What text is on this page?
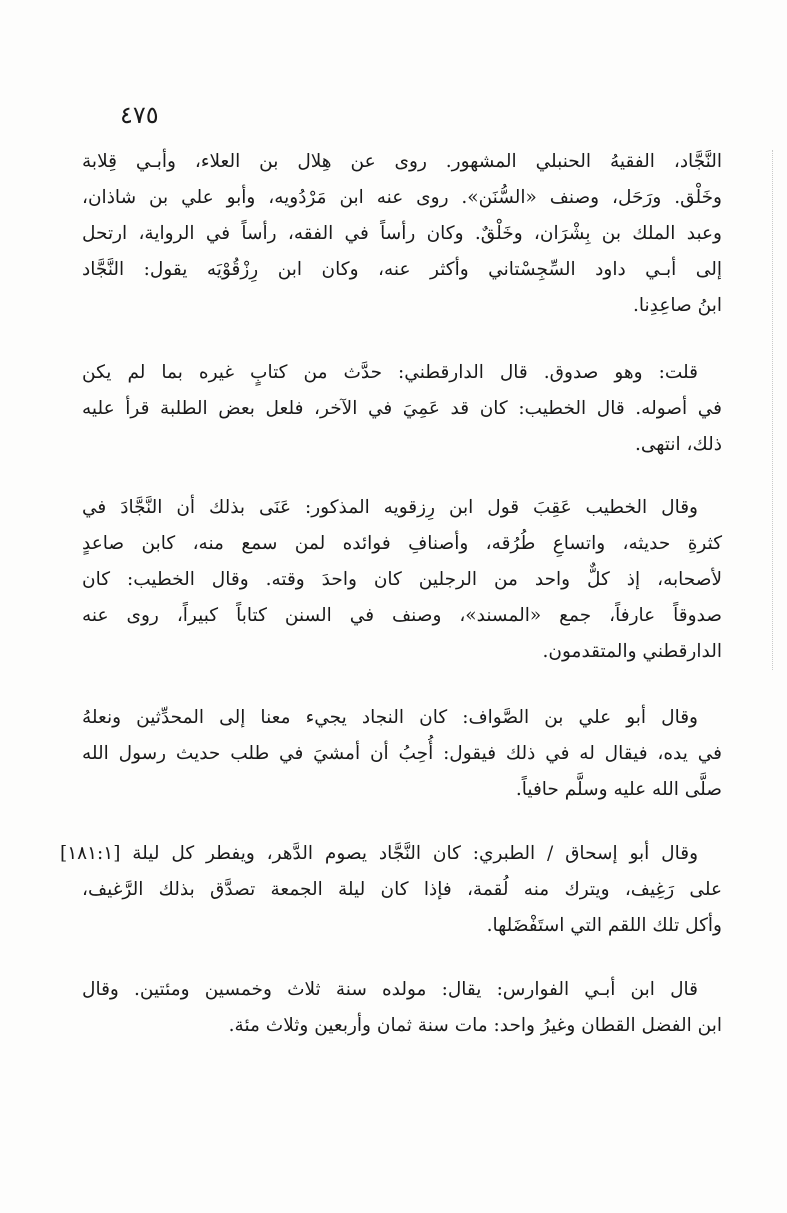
٤٧٥
النَّجَّاد، الفقيهُ الحنبلي المشهور. روى عن هِلال بن العلاء، وأبـي قِلابة
وخَلْق. ورَحَل، وصنف «السُّنَن». روى عنه ابن مَرْدُويه، وأبو علي بن شاذان،
وعبد الملك بن بِشْرَان، وخَلْقٌ. وكان رأساً في الفقه، رأساً في الرواية، ارتحل
إلى أبـي داود السِّجِسْتاني وأكثر عنه، وكان ابن رِزْقُوْيَه يقول: النَّجَّاد
ابنُ صاعِدِنا.
قلت: وهو صدوق. قال الدارقطني: حدَّث من كتابٍ غيره بما لم يكن
في أصوله. قال الخطيب: كان قد عَمِيَ في الآخر، فلعل بعض الطلبة قرأ عليه
ذلك، انتهى.
وقال الخطيب عَقِبَ قول ابن رِزقويه المذكور: عَنَى بذلك أن النَّجَّادَ في
كثرةِ حديثه، واتساعِ طُرُقه، وأصنافِ فوائده لمن سمع منه، كابن صاعدٍ
لأصحابه، إذ كلٌّ واحد من الرجلين كان واحدَ وقته. وقال الخطيب: كان
صدوقاً عارفاً، جمع «المسند»، وصنف في السنن كتاباً كبيراً، روى عنه
الدارقطني والمتقدمون.
وقال أبو علي بن الصَّواف: كان النجاد يجيء معنا إلى المحدِّثين ونعلهُ
في يده، فيقال له في ذلك فيقول: أُحِبُ أن أمشيَ في طلب حديث رسول الله
صلَّى الله عليه وسلَّم حافياً.
وقال أبو إسحاق / الطبري: كان النَّجَّاد يصوم الدَّهر، ويفطر كل ليلة [١٨١:١]
على رَغِيف، ويترك منه لُقمة، فإذا كان ليلة الجمعة تصدَّق بذلك الرَّغيف،
وأكل تلك اللقم التي استَفْضَلها.
قال ابن أبـي الفوارس: يقال: مولده سنة ثلاث وخمسين ومئتين. وقال
ابن الفضل القطان وغيرُ واحد: مات سنة ثمان وأربعين وثلاث مئة.
